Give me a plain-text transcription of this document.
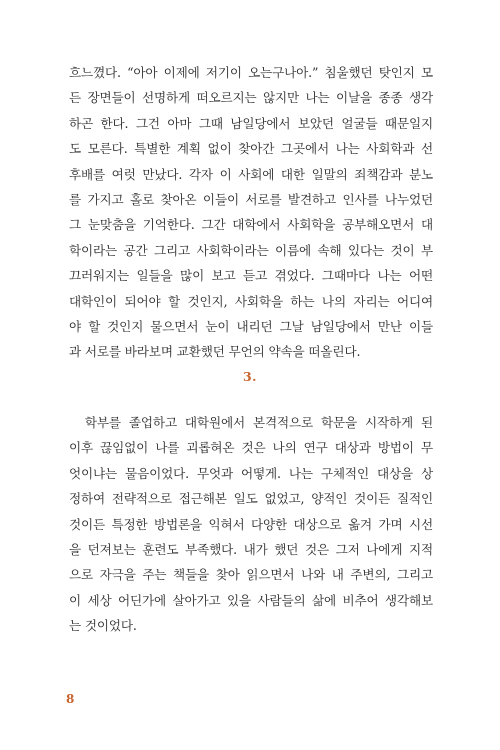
흐느꼈다. “아아 이제에 저기이 오는구나아.” 침울했던 탓인지 모
든 장면들이 선명하게 떠오르지는 않지만 나는 이날을 종종 생각
하곤 한다. 그건 아마 그때 남일당에서 보았던 얼굴들 때문일지
도 모른다. 특별한 계획 없이 찾아간 그곳에서 나는 사회학과 선
후배를 여럿 만났다. 각자 이 사회에 대한 일말의 죄책감과 분노
를 가지고 홀로 찾아온 이들이 서로를 발견하고 인사를 나누었던
그 눈맞춤을 기억한다. 그간 대학에서 사회학을 공부해오면서 대
학이라는 공간 그리고 사회학이라는 이름에 속해 있다는 것이 부
끄러워지는 일들을 많이 보고 듣고 겪었다. 그때마다 나는 어떤
대학인이 되어야 할 것인지, 사회학을 하는 나의 자리는 어디여
야 할 것인지 물으면서 눈이 내리던 그날 남일당에서 만난 이들
과 서로를 바라보며 교환했던 무언의 약속을 떠올린다.
3.
학부를 졸업하고 대학원에서 본격적으로 학문을 시작하게 된
이후 끊임없이 나를 괴롭혀온 것은 나의 연구 대상과 방법이 무
엇이냐는 물음이었다. 무엇과 어떻게. 나는 구체적인 대상을 상
정하여 전략적으로 접근해본 일도 없었고, 양적인 것이든 질적인
것이든 특정한 방법론을 익혀서 다양한 대상으로 옮겨 가며 시선
을 던져보는 훈련도 부족했다. 내가 했던 것은 그저 나에게 지적
으로 자극을 주는 책들을 찾아 읽으면서 나와 내 주변의, 그리고
이 세상 어딘가에 살아가고 있을 사람들의 삶에 비추어 생각해보
는 것이었다.
8
